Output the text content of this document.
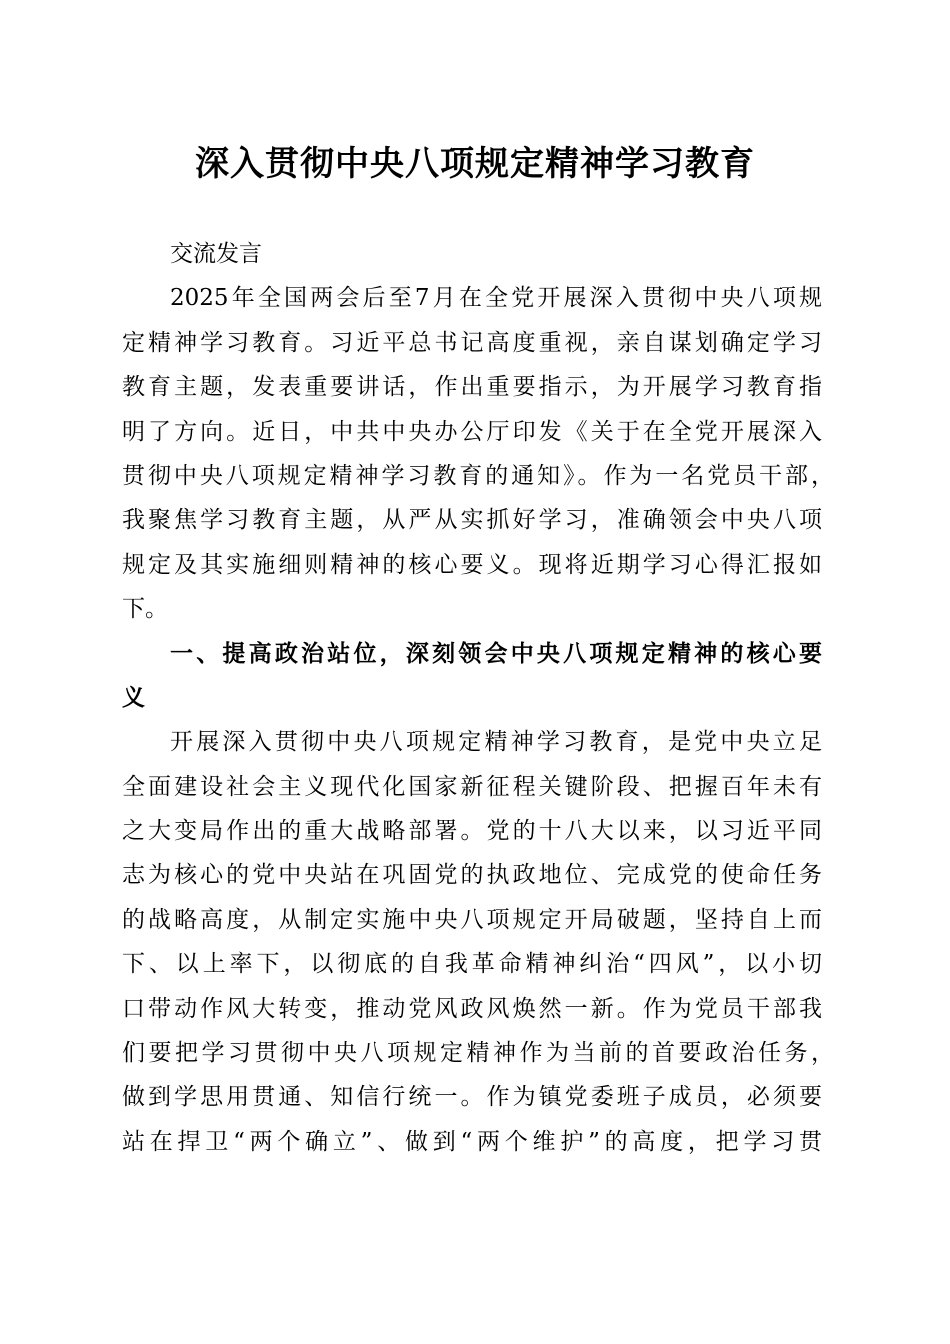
深入贯彻中央八项规定精神学习教育
交流发言
2025年全国两会后至7月在全党开展深入贯彻中央八项规
定精神学习教育。习近平总书记高度重视，亲自谋划确定学习
教育主题，发表重要讲话，作出重要指示，为开展学习教育指
明了方向。近日，中共中央办公厅印发《关于在全党开展深入
贯彻中央八项规定精神学习教育的通知》。作为一名党员干部，
我聚焦学习教育主题，从严从实抓好学习，准确领会中央八项
规定及其实施细则精神的核心要义。现将近期学习心得汇报如
下。
一、提高政治站位，深刻领会中央八项规定精神的核心要
义
开展深入贯彻中央八项规定精神学习教育，是党中央立足
全面建设社会主义现代化国家新征程关键阶段、把握百年未有
之大变局作出的重大战略部署。党的十八大以来，以习近平同
志为核心的党中央站在巩固党的执政地位、完成党的使命任务
的战略高度，从制定实施中央八项规定开局破题，坚持自上而
下、以上率下，以彻底的自我革命精神纠治“四风”，以小切
口带动作风大转变，推动党风政风焕然一新。作为党员干部我
们要把学习贯彻中央八项规定精神作为当前的首要政治任务，
做到学思用贯通、知信行统一。作为镇党委班子成员，必须要
站在捍卫“两个确立”、做到“两个维护”的高度，把学习贯
